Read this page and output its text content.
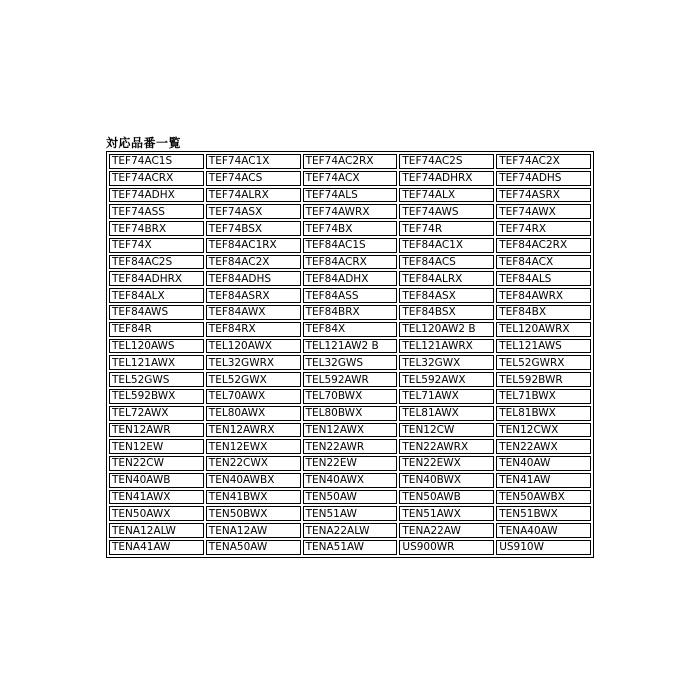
対応品番一覧
TEF74AC1S	TEF74AC1X	TEF74AC2RX	TEF74AC2S	TEF74AC2X
TEF74ACRX	TEF74ACS	TEF74ACX	TEF74ADHRX	TEF74ADHS
TEF74ADHX	TEF74ALRX	TEF74ALS	TEF74ALX	TEF74ASRX
TEF74ASS	TEF74ASX	TEF74AWRX	TEF74AWS	TEF74AWX
TEF74BRX	TEF74BSX	TEF74BX	TEF74R	TEF74RX
TEF74X	TEF84AC1RX	TEF84AC1S	TEF84AC1X	TEF84AC2RX
TEF84AC2S	TEF84AC2X	TEF84ACRX	TEF84ACS	TEF84ACX
TEF84ADHRX	TEF84ADHS	TEF84ADHX	TEF84ALRX	TEF84ALS
TEF84ALX	TEF84ASRX	TEF84ASS	TEF84ASX	TEF84AWRX
TEF84AWS	TEF84AWX	TEF84BRX	TEF84BSX	TEF84BX
TEF84R	TEF84RX	TEF84X	TEL120AW2 B	TEL120AWRX
TEL120AWS	TEL120AWX	TEL121AW2 B	TEL121AWRX	TEL121AWS
TEL121AWX	TEL32GWRX	TEL32GWS	TEL32GWX	TEL52GWRX
TEL52GWS	TEL52GWX	TEL592AWR	TEL592AWX	TEL592BWR
TEL592BWX	TEL70AWX	TEL70BWX	TEL71AWX	TEL71BWX
TEL72AWX	TEL80AWX	TEL80BWX	TEL81AWX	TEL81BWX
TEN12AWR	TEN12AWRX	TEN12AWX	TEN12CW	TEN12CWX
TEN12EW	TEN12EWX	TEN22AWR	TEN22AWRX	TEN22AWX
TEN22CW	TEN22CWX	TEN22EW	TEN22EWX	TEN40AW
TEN40AWB	TEN40AWBX	TEN40AWX	TEN40BWX	TEN41AW
TEN41AWX	TEN41BWX	TEN50AW	TEN50AWB	TEN50AWBX
TEN50AWX	TEN50BWX	TEN51AW	TEN51AWX	TEN51BWX
TENA12ALW	TENA12AW	TENA22ALW	TENA22AW	TENA40AW
TENA41AW	TENA50AW	TENA51AW	US900WR	US910W
